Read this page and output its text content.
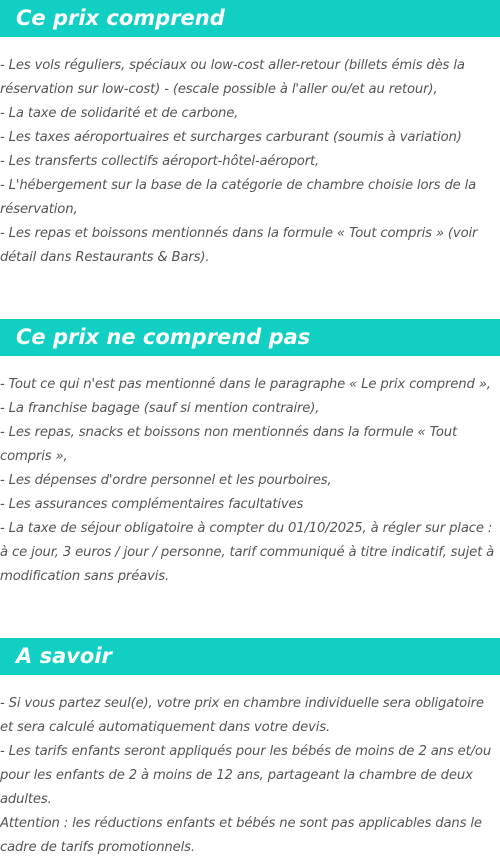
Ce prix comprend
- Les vols réguliers, spéciaux ou low-cost aller-retour (billets émis dès la réservation sur low-cost) - (escale possible à l'aller ou/et au retour),
- La taxe de solidarité et de carbone,
- Les taxes aéroportuaires et surcharges carburant (soumis à variation)
- Les transferts collectifs aéroport-hôtel-aéroport,
- L'hébergement sur la base de la catégorie de chambre choisie lors de la réservation,
- Les repas et boissons mentionnés dans la formule « Tout compris » (voir détail dans Restaurants & Bars).
Ce prix ne comprend pas
- Tout ce qui n'est pas mentionné dans le paragraphe « Le prix comprend »,
- La franchise bagage (sauf si mention contraire),
- Les repas, snacks et boissons non mentionnés dans la formule « Tout compris »,
- Les dépenses d'ordre personnel et les pourboires,
- Les assurances complémentaires facultatives
- La taxe de séjour obligatoire à compter du 01/10/2025, à régler sur place : à ce jour, 3 euros / jour / personne, tarif communiqué à titre indicatif, sujet à modification sans préavis.
A savoir
- Si vous partez seul(e), votre prix en chambre individuelle sera obligatoire et sera calculé automatiquement dans votre devis.
- Les tarifs enfants seront appliqués pour les bébés de moins de 2 ans et/ou pour les enfants de 2 à moins de 12 ans, partageant la chambre de deux adultes.
Attention : les réductions enfants et bébés ne sont pas applicables dans le cadre de tarifs promotionnels.
